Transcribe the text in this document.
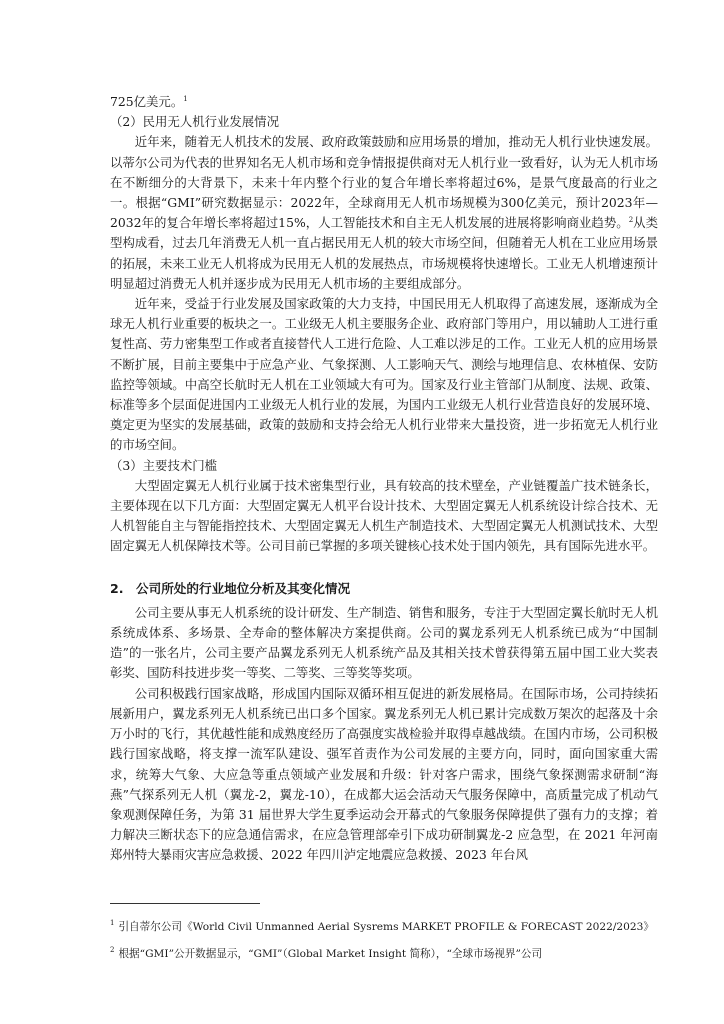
725亿美元。$^1$

（2）民用无人机行业发展情况

近年来，随着无人机技术的发展、政府政策鼓励和应用场景的增加，推动无人机行业快速发展。以蒂尔公司为代表的世界知名无人机市场和竞争情报提供商对无人机行业一致看好，认为无人机市场在不断细分的大背景下，未来十年内整个行业的复合年增长率将超过6%，是景气度最高的行业之一。根据“GMI”研究数据显示：2022年，全球商用无人机市场规模为300亿美元，预计2023年—2032年的复合年增长率将超过15%，人工智能技术和自主无人机发展的进展将影响商业趋势。$^2$从类型构成看，过去几年消费无人机一直占据民用无人机的较大市场空间，但随着无人机在工业应用场景的拓展，未来工业无人机将成为民用无人机的发展热点，市场规模将快速增长。工业无人机增速预计明显超过消费无人机并逐步成为民用无人机市场的主要组成部分。

近年来，受益于行业发展及国家政策的大力支持，中国民用无人机取得了高速发展，逐渐成为全球无人机行业重要的板块之一。工业级无人机主要服务企业、政府部门等用户，用以辅助人工进行重复性高、劳力密集型工作或者直接替代人工进行危险、人工难以涉足的工作。工业无人机的应用场景不断扩展，目前主要集中于应急产业、气象探测、人工影响天气、测绘与地理信息、农林植保、安防监控等领域。中高空长航时无人机在工业领域大有可为。国家及行业主管部门从制度、法规、政策、标准等多个层面促进国内工业级无人机行业的发展，为国内工业级无人机行业营造良好的发展环境、奠定更为坚实的发展基础，政策的鼓励和支持会给无人机行业带来大量投资，进一步拓宽无人机行业的市场空间。

（3）主要技术门槛

大型固定翼无人机行业属于技术密集型行业，具有较高的技术壁垒，产业链覆盖广技术链条长，主要体现在以下几方面：大型固定翼无人机平台设计技术、大型固定翼无人机系统设计综合技术、无人机智能自主与智能指控技术、大型固定翼无人机生产制造技术、大型固定翼无人机测试技术、大型固定翼无人机保障技术等。公司目前已掌握的多项关键核心技术处于国内领先，具有国际先进水平。

2. 公司所处的行业地位分析及其变化情况

公司主要从事无人机系统的设计研发、生产制造、销售和服务，专注于大型固定翼长航时无人机系统成体系、多场景、全寿命的整体解决方案提供商。公司的翼龙系列无人机系统已成为“中国制造”的一张名片，公司主要产品翼龙系列无人机系统产品及其相关技术曾获得第五届中国工业大奖表彰奖、国防科技进步奖一等奖、二等奖、三等奖等奖项。

公司积极践行国家战略，形成国内国际双循环相互促进的新发展格局。在国际市场，公司持续拓展新用户，翼龙系列无人机系统已出口多个国家。翼龙系列无人机已累计完成数万架次的起落及十余万小时的飞行，其优越性能和成熟度经历了高强度实战检验并取得卓越战绩。在国内市场，公司积极践行国家战略，将支撑一流军队建设、强军首责作为公司发展的主要方向，同时，面向国家重大需求，统筹大气象、大应急等重点领域产业发展和升级：针对客户需求，围绕气象探测需求研制“海燕”气探系列无人机（翼龙-2，翼龙-10），在成都大运会活动天气服务保障中，高质量完成了机动气象观测保障任务，为第 31 届世界大学生夏季运动会开幕式的气象服务保障提供了强有力的支撑；着力解决三断状态下的应急通信需求，在应急管理部牵引下成功研制翼龙-2 应急型，在 2021 年河南郑州特大暴雨灾害应急救援、2022 年四川泸定地震应急救援、2023 年台风

$^1$ 引自蒂尔公司《World Civil Unmanned Aerial Sysrems MARKET PROFILE & FORECAST 2022/2023》

$^2$ 根据“GMI”公开数据显示，“GMI”（Global Market Insight 简称），“全球市场视界”公司
